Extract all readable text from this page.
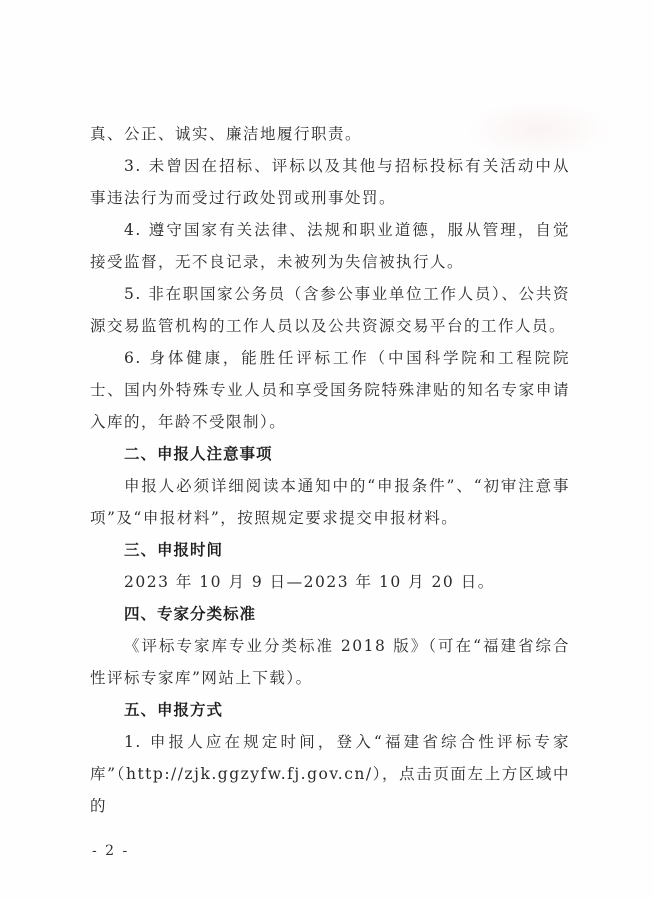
真、公正、诚实、廉洁地履行职责。

3. 未曾因在招标、评标以及其他与招标投标有关活动中从事违法行为而受过行政处罚或刑事处罚。

4. 遵守国家有关法律、法规和职业道德，服从管理，自觉接受监督，无不良记录，未被列为失信被执行人。

5. 非在职国家公务员（含参公事业单位工作人员）、公共资源交易监管机构的工作人员以及公共资源交易平台的工作人员。

6. 身体健康，能胜任评标工作（中国科学院和工程院院士、国内外特殊专业人员和享受国务院特殊津贴的知名专家申请入库的，年龄不受限制）。

二、申报人注意事项

申报人必须详细阅读本通知中的“申报条件”、“初审注意事项”及“申报材料”，按照规定要求提交申报材料。

三、申报时间

2023 年 10 月 9 日—2023 年 10 月 20 日。

四、专家分类标准

《评标专家库专业分类标准 2018 版》（可在“福建省综合性评标专家库”网站上下载）。

五、申报方式

1. 申报人应在规定时间，登入“福建省综合性评标专家库”（http://zjk.ggzyfw.fj.gov.cn/），点击页面左上方区域中的

- 2 -
